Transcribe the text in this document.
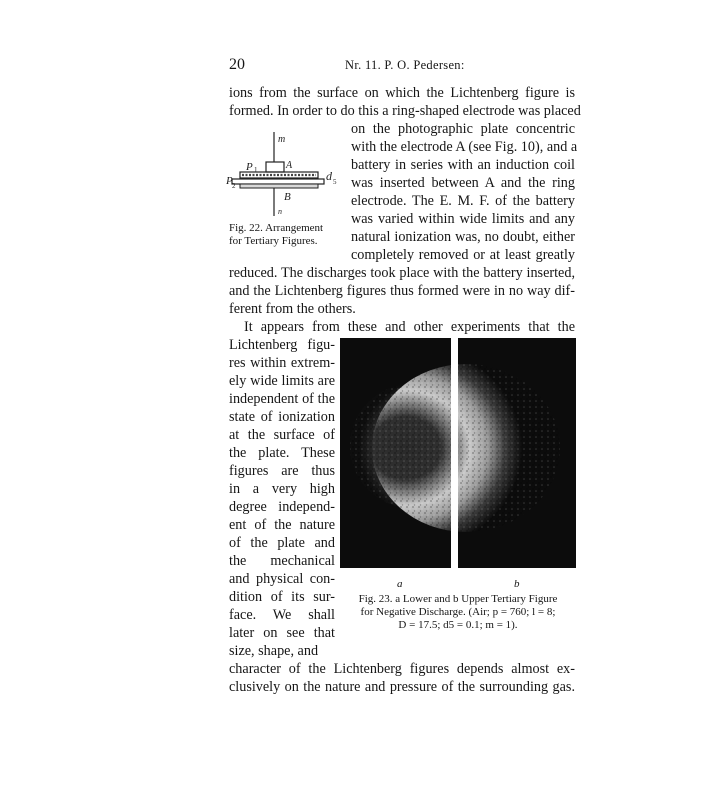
20	Nr. 11. P. O. Pedersen:
ions from the surface on which the Lichtenberg figure is
formed. In order to do this a ring-shaped electrode was placed
m
A
P 1
P 2
d 5
B
n
Fig. 22. Arrangement
for Tertiary Figures.
on the photographic plate concentric
with the electrode A (see Fig. 10), and a
battery in series with an induction coil
was inserted between A and the ring
electrode. The E. M. F. of the battery
was varied within wide limits and any
natural ionization was, no doubt, either
completely removed or at least greatly
reduced. The discharges took place with the battery inserted,
and the Lichtenberg figures thus formed were in no way dif-
ferent from the others.
It appears from these and other experiments that the
Lichtenberg figu-
res within extrem-
ely wide limits are
independent of the
state of ionization
at the surface of
the plate. These
figures are thus
in a very high
degree independ-
ent of the nature
of the plate and
the mechanical
and physical con-
dition of its sur-
face. We shall
later on see that
size, shape, and
a	b
Fig. 23. a Lower and b Upper Tertiary Figure
for Negative Discharge. (Air; p = 760; l = 8;
D = 17.5; d5 = 0.1; m = 1).
character of the Lichtenberg figures depends almost ex-
clusively on the nature and pressure of the surrounding gas.
